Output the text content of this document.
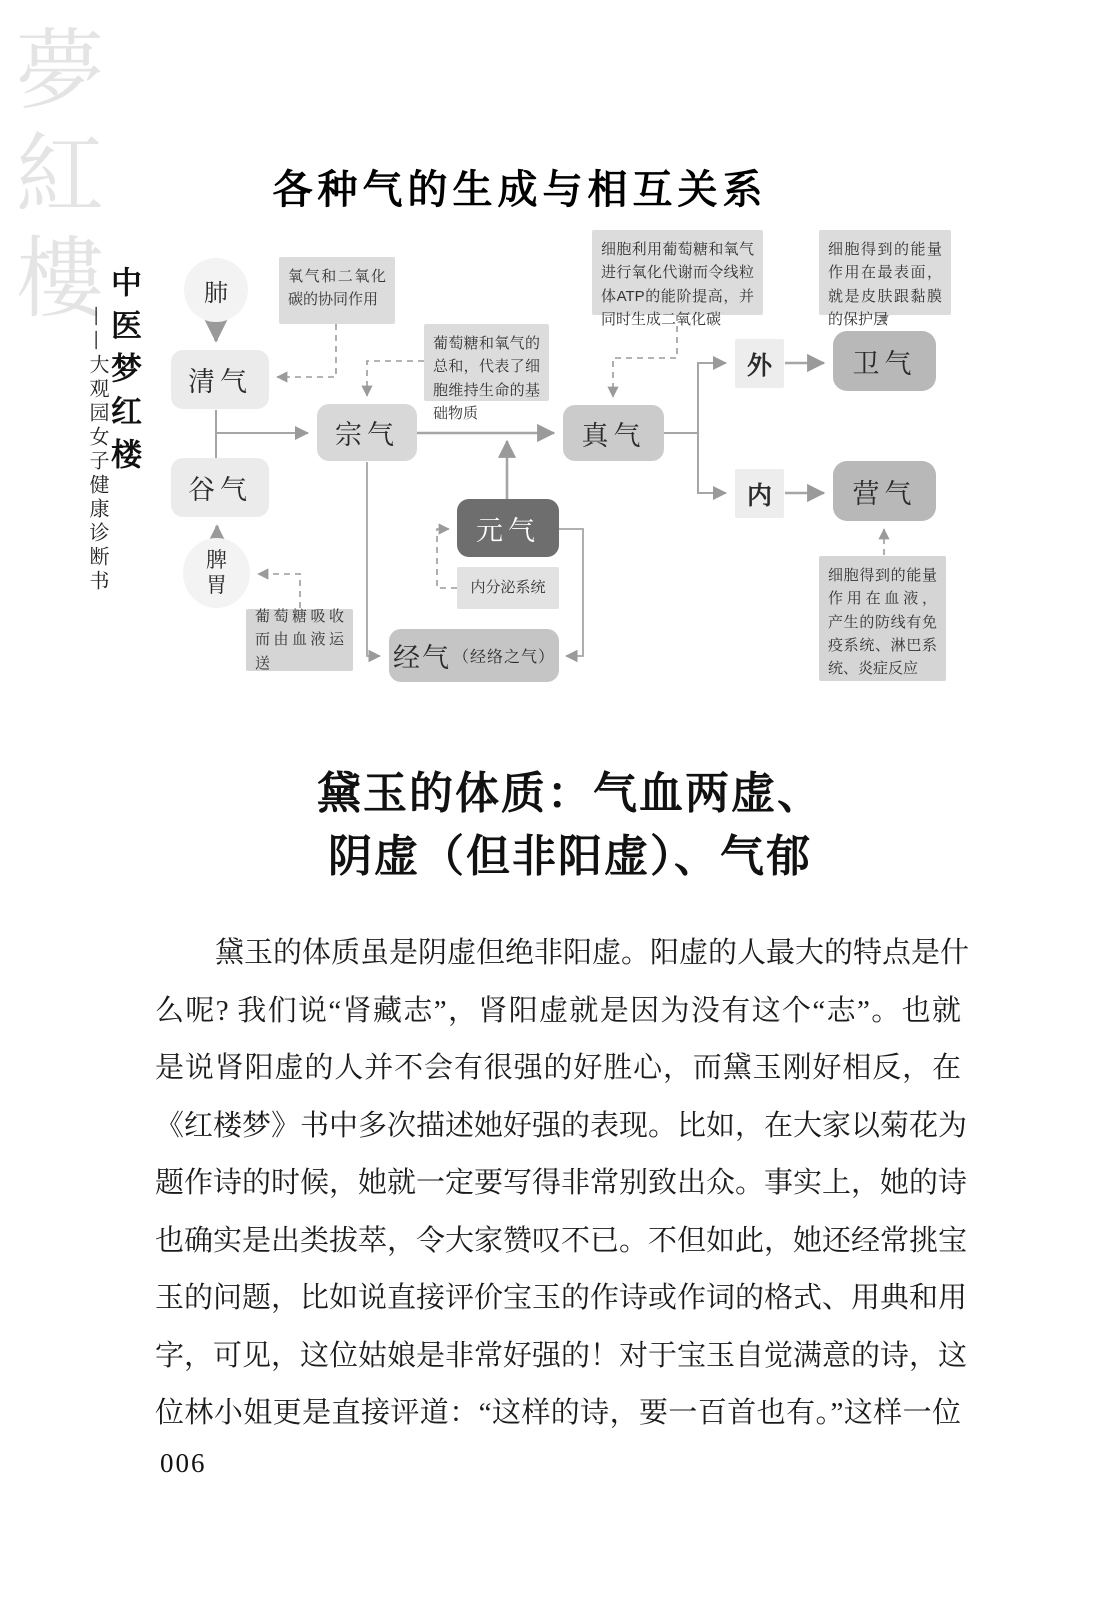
夢
紅
樓 中医梦红楼
——大观园女子健康诊断书
各种气的生成与相互关系
肺
脾胃
清气
谷气
宗气	真气
元气
经气 （经络之气）
外
内
卫气
营气
内分泌系统
氧气和二氧化碳的协同作用
葡萄糖和氧气的总和，代表了细胞维持生命的基础物质
细胞利用葡萄糖和氧气进行氧化代谢而令线粒体ATP的能阶提高，并同时生成二氧化碳
细胞得到的能量作用在最表面，就是皮肤跟黏膜的保护层
葡萄糖吸收而由血液运送
细胞得到的能量作用在血液， 产生的防线有免疫系统、淋巴系统、炎症反应
黛玉的体质：气血两虚、
阴虚（但非阳虚）、气郁
黛玉的体质虽是阴虚但绝非阳虚。阳虚的人最大的特点是什
么呢? 我们说“肾藏志”，肾阳虚就是因为没有这个“志”。也就
是说肾阳虚的人并不会有很强的好胜心，而黛玉刚好相反，在
《红楼梦》书中多次描述她好强的表现。比如，在大家以菊花为
题作诗的时候，她就一定要写得非常别致出众。事实上，她的诗
也确实是出类拔萃，令大家赞叹不已。不但如此，她还经常挑宝
玉的问题，比如说直接评价宝玉的作诗或作词的格式、用典和用
字，可见，这位姑娘是非常好强的！对于宝玉自觉满意的诗，这
位林小姐更是直接评道：“这样的诗，要一百首也有。”这样一位
006
